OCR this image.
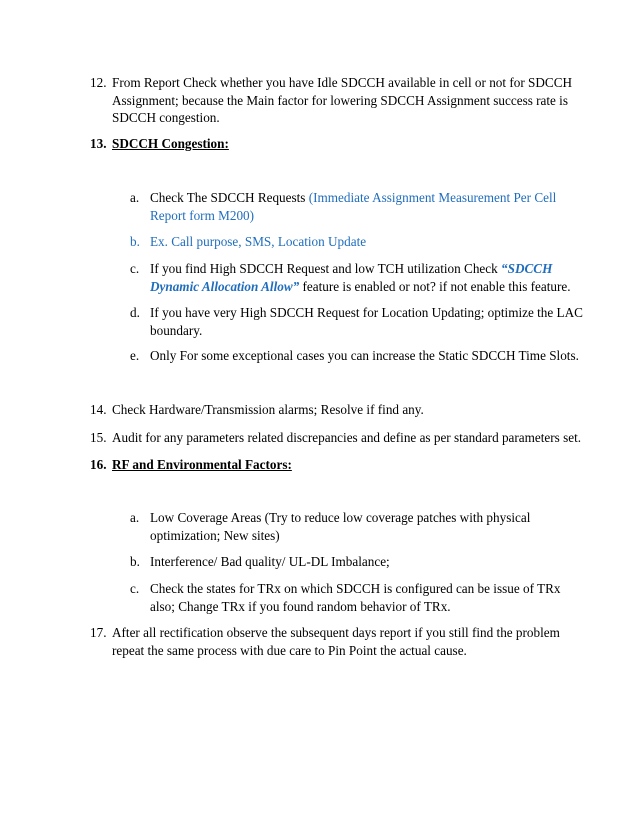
12. From Report Check whether you have Idle SDCCH available in cell or not for SDCCH
Assignment; because the Main factor for lowering SDCCH Assignment success rate is
SDCCH congestion.
13. SDCCH Congestion:
a. Check The SDCCH Requests (Immediate Assignment Measurement Per Cell
Report form M200)
b. Ex. Call purpose, SMS, Location Update
c. If you find High SDCCH Request and low TCH utilization Check “SDCCH
Dynamic Allocation Allow” feature is enabled or not? if not enable this feature.
d. If you have very High SDCCH Request for Location Updating; optimize the LAC
boundary.
e. Only For some exceptional cases you can increase the Static SDCCH Time Slots.
14. Check Hardware/Transmission alarms; Resolve if find any.
15. Audit for any parameters related discrepancies and define as per standard parameters set.
16. RF and Environmental Factors:
a. Low Coverage Areas (Try to reduce low coverage patches with physical
optimization; New sites)
b. Interference/ Bad quality/ UL-DL Imbalance;
c. Check the states for TRx on which SDCCH is configured can be issue of TRx
also; Change TRx if you found random behavior of TRx.
17. After all rectification observe the subsequent days report if you still find the problem
repeat the same process with due care to Pin Point the actual cause.
